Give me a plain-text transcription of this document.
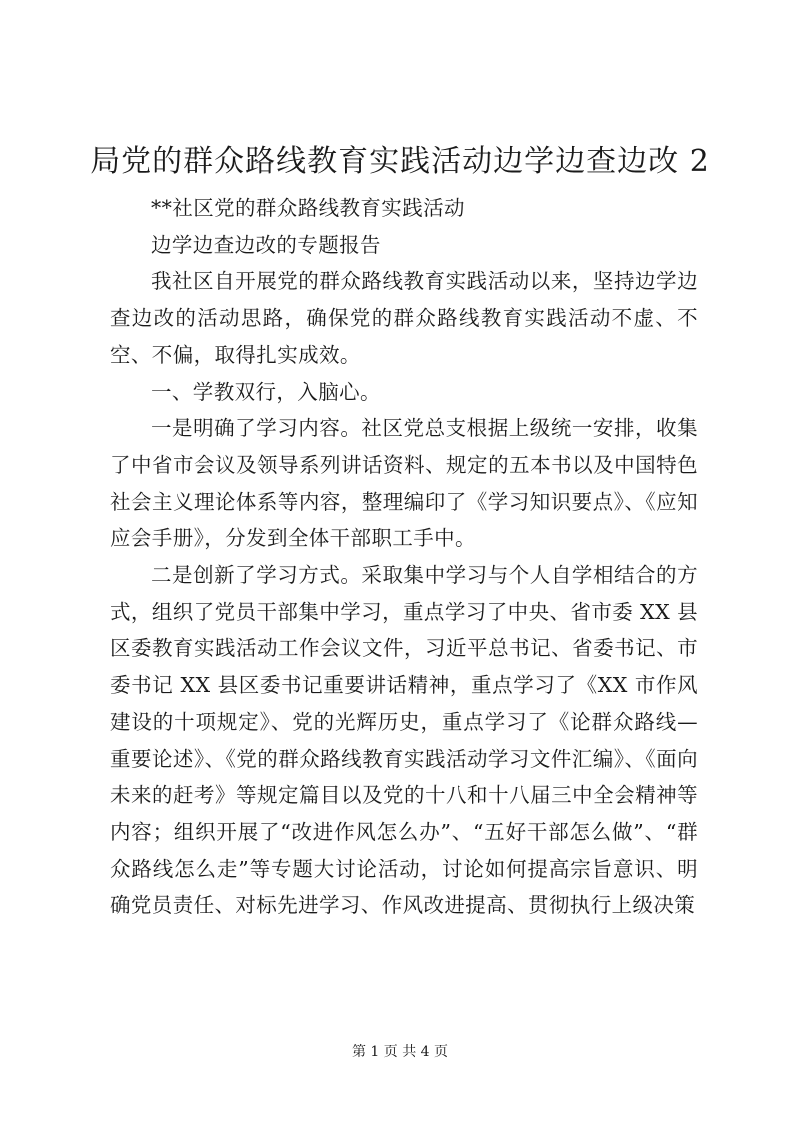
局党的群众路线教育实践活动边学边查边改 2

**社区党的群众路线教育实践活动

边学边查边改的专题报告

我社区自开展党的群众路线教育实践活动以来，坚持边学边查边改的活动思路，确保党的群众路线教育实践活动不虚、不空、不偏，取得扎实成效。

一、学教双行，入脑心。

一是明确了学习内容。社区党总支根据上级统一安排，收集了中省市会议及领导系列讲话资料、规定的五本书以及中国特色社会主义理论体系等内容，整理编印了《学习知识要点》、《应知应会手册》，分发到全体干部职工手中。

二是创新了学习方式。采取集中学习与个人自学相结合的方式，组织了党员干部集中学习，重点学习了中央、省市委 XX 县区委教育实践活动工作会议文件，习近平总书记、省委书记、市委书记 XX 县区委书记重要讲话精神，重点学习了《XX 市作风建设的十项规定》、党的光辉历史，重点学习了《论群众路线—重要论述》、《党的群众路线教育实践活动学习文件汇编》、《面向未来的赶考》等规定篇目以及党的十八和十八届三中全会精神等内容；组织开展了“改进作风怎么办”、“五好干部怎么做”、“群众路线怎么走”等专题大讨论活动，讨论如何提高宗旨意识、明确党员责任、对标先进学习、作风改进提高、贯彻执行上级决策

第 1 页 共 4 页
